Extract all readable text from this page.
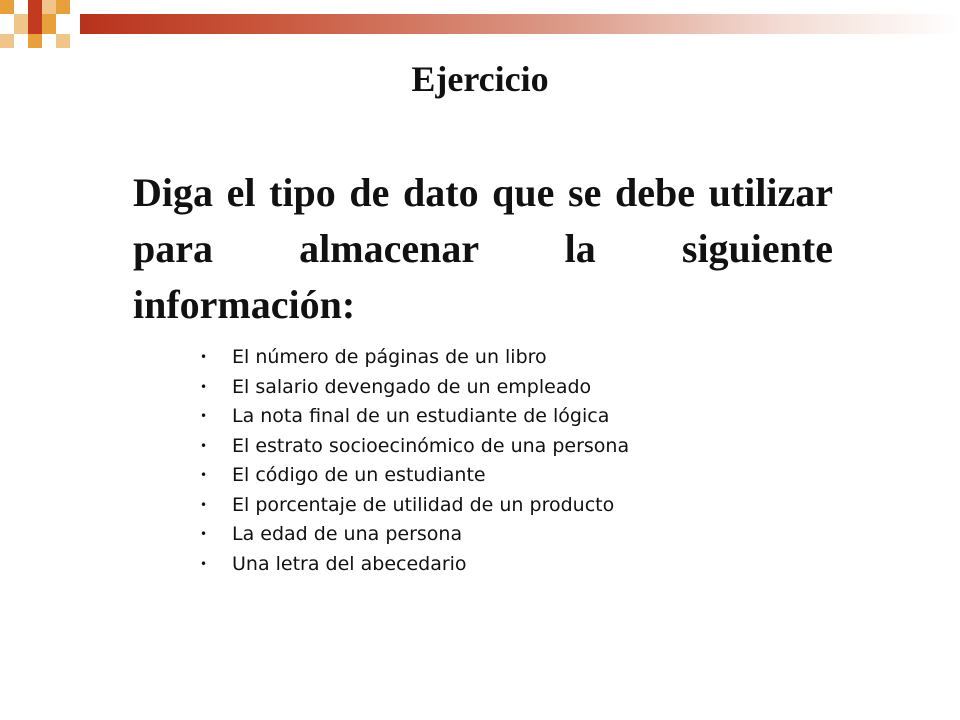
Ejercicio
Diga el tipo de dato que se debe utilizar para almacenar la siguiente información:
• El número de páginas de un libro
• El salario devengado de un empleado
• La nota final de un estudiante de lógica
• El estrato socioecinómico de una persona
• El código de un estudiante
• El porcentaje de utilidad de un producto
• La edad de una persona
• Una letra del abecedario
